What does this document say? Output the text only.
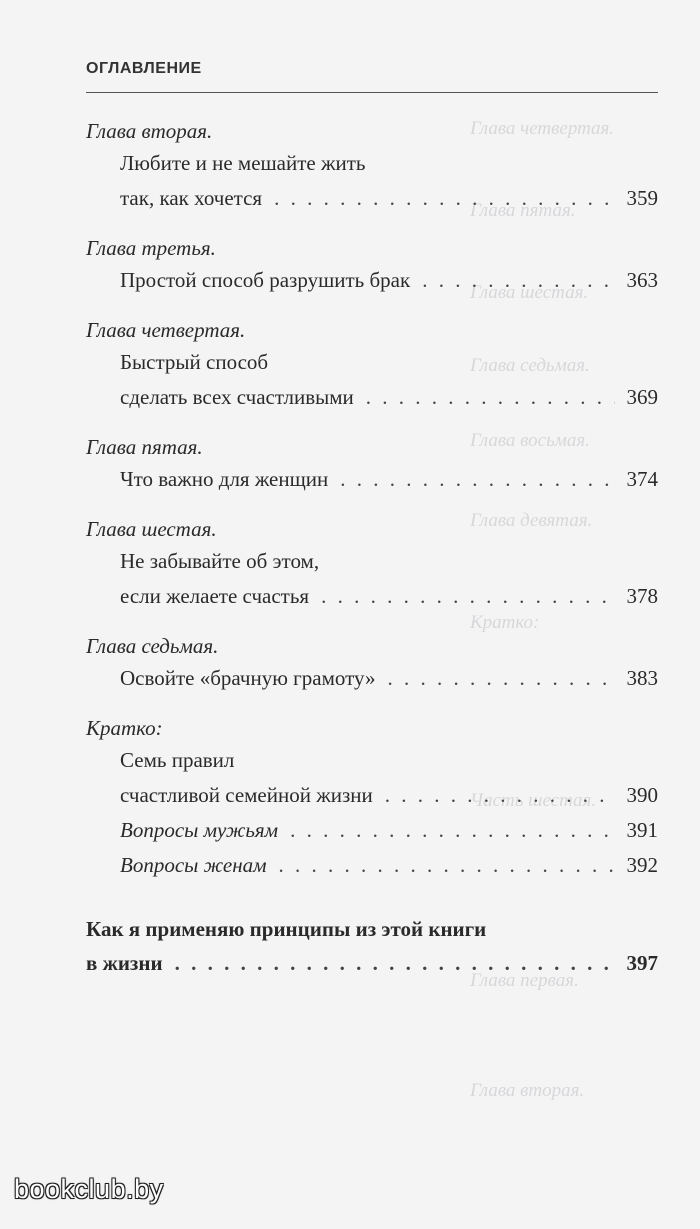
Глава четвертая.
Глава пятая.
Глава шестая.
Глава седьмая.
Глава восьмая.
Глава девятая.
Кратко:
Часть шестая.
Глава первая.
Глава вторая.
ОГЛАВЛЕНИЕ
Глава вторая.
Любите и не мешайте жить
так, как хочется . . .	359
Глава третья.
Простой способ разрушить брак . . .	363
Глава четвертая.
Быстрый способ
сделать всех счастливыми . . .	369
Глава пятая.
Что важно для женщин . . .	374
Глава шестая.
Не забывайте об этом,
если желаете счастья . . .	378
Глава седьмая.
Освойте «брачную грамоту» . . .	383
Кратко:
Семь правил
счастливой семейной жизни . . .	390
Вопросы мужьям . . .	391
Вопросы женам . . .	392
Как я применяю принципы из этой книги
в жизни . . .	397
bookclub.by
